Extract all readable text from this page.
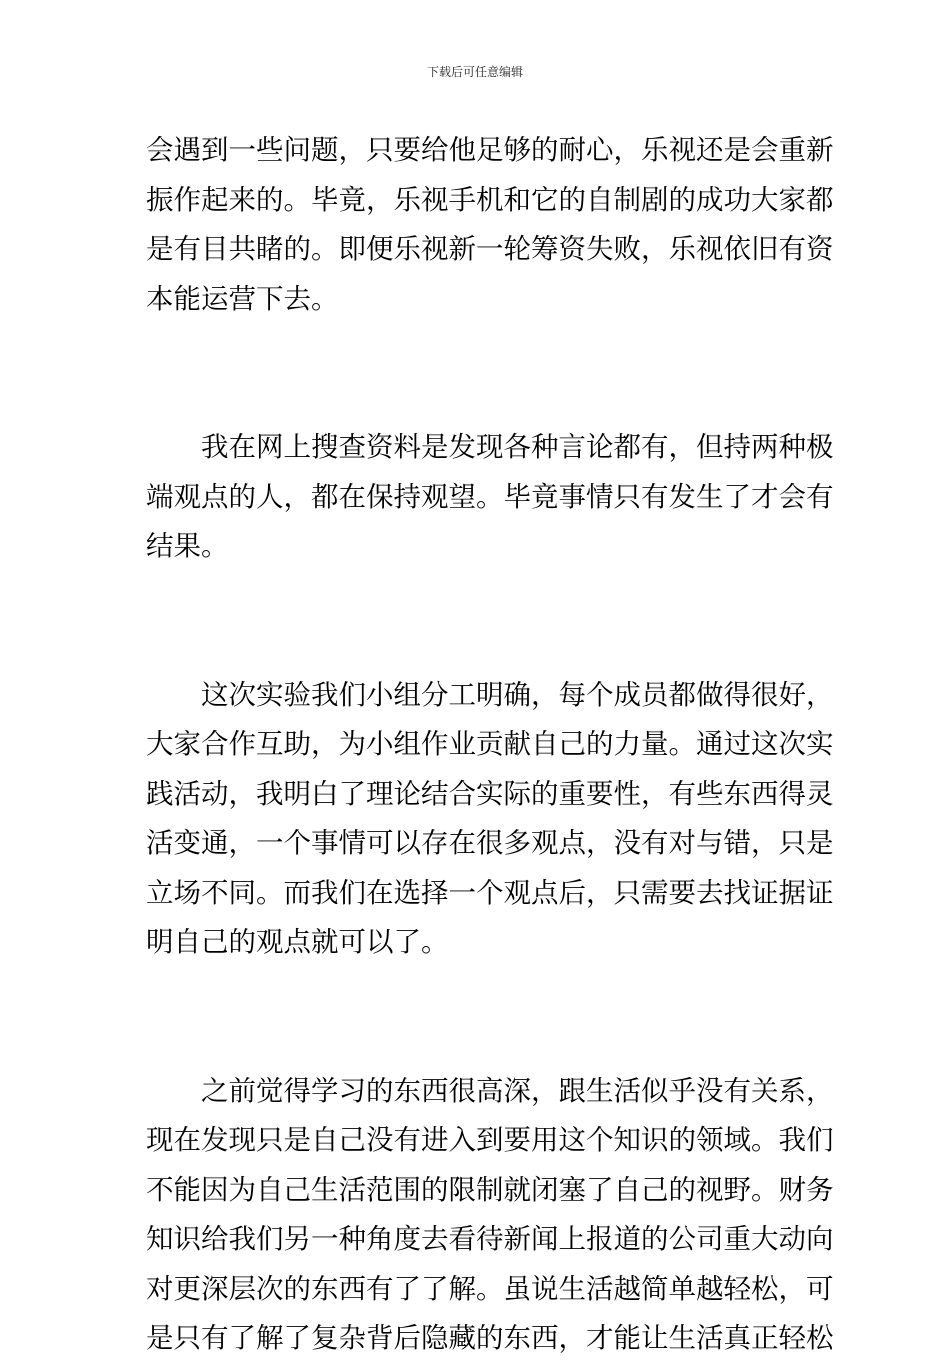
下载后可任意编辑
会遇到一些问题，只要给他足够的耐心，乐视还是会重新
振作起来的。毕竟，乐视手机和它的自制剧的成功大家都
是有目共睹的。即便乐视新一轮筹资失败，乐视依旧有资
本能运营下去。
我在网上搜查资料是发现各种言论都有，但持两种极
端观点的人，都在保持观望。毕竟事情只有发生了才会有
结果。
这次实验我们小组分工明确，每个成员都做得很好，
大家合作互助，为小组作业贡献自己的力量。通过这次实
践活动，我明白了理论结合实际的重要性，有些东西得灵
活变通，一个事情可以存在很多观点，没有对与错，只是
立场不同。而我们在选择一个观点后，只需要去找证据证
明自己的观点就可以了。
之前觉得学习的东西很高深，跟生活似乎没有关系，
现在发现只是自己没有进入到要用这个知识的领域。我们
不能因为自己生活范围的限制就闭塞了自己的视野。财务
知识给我们另一种角度去看待新闻上报道的公司重大动向
对更深层次的东西有了了解。虽说生活越简单越轻松，可
是只有了解了复杂背后隐藏的东西，才能让生活真正轻松
